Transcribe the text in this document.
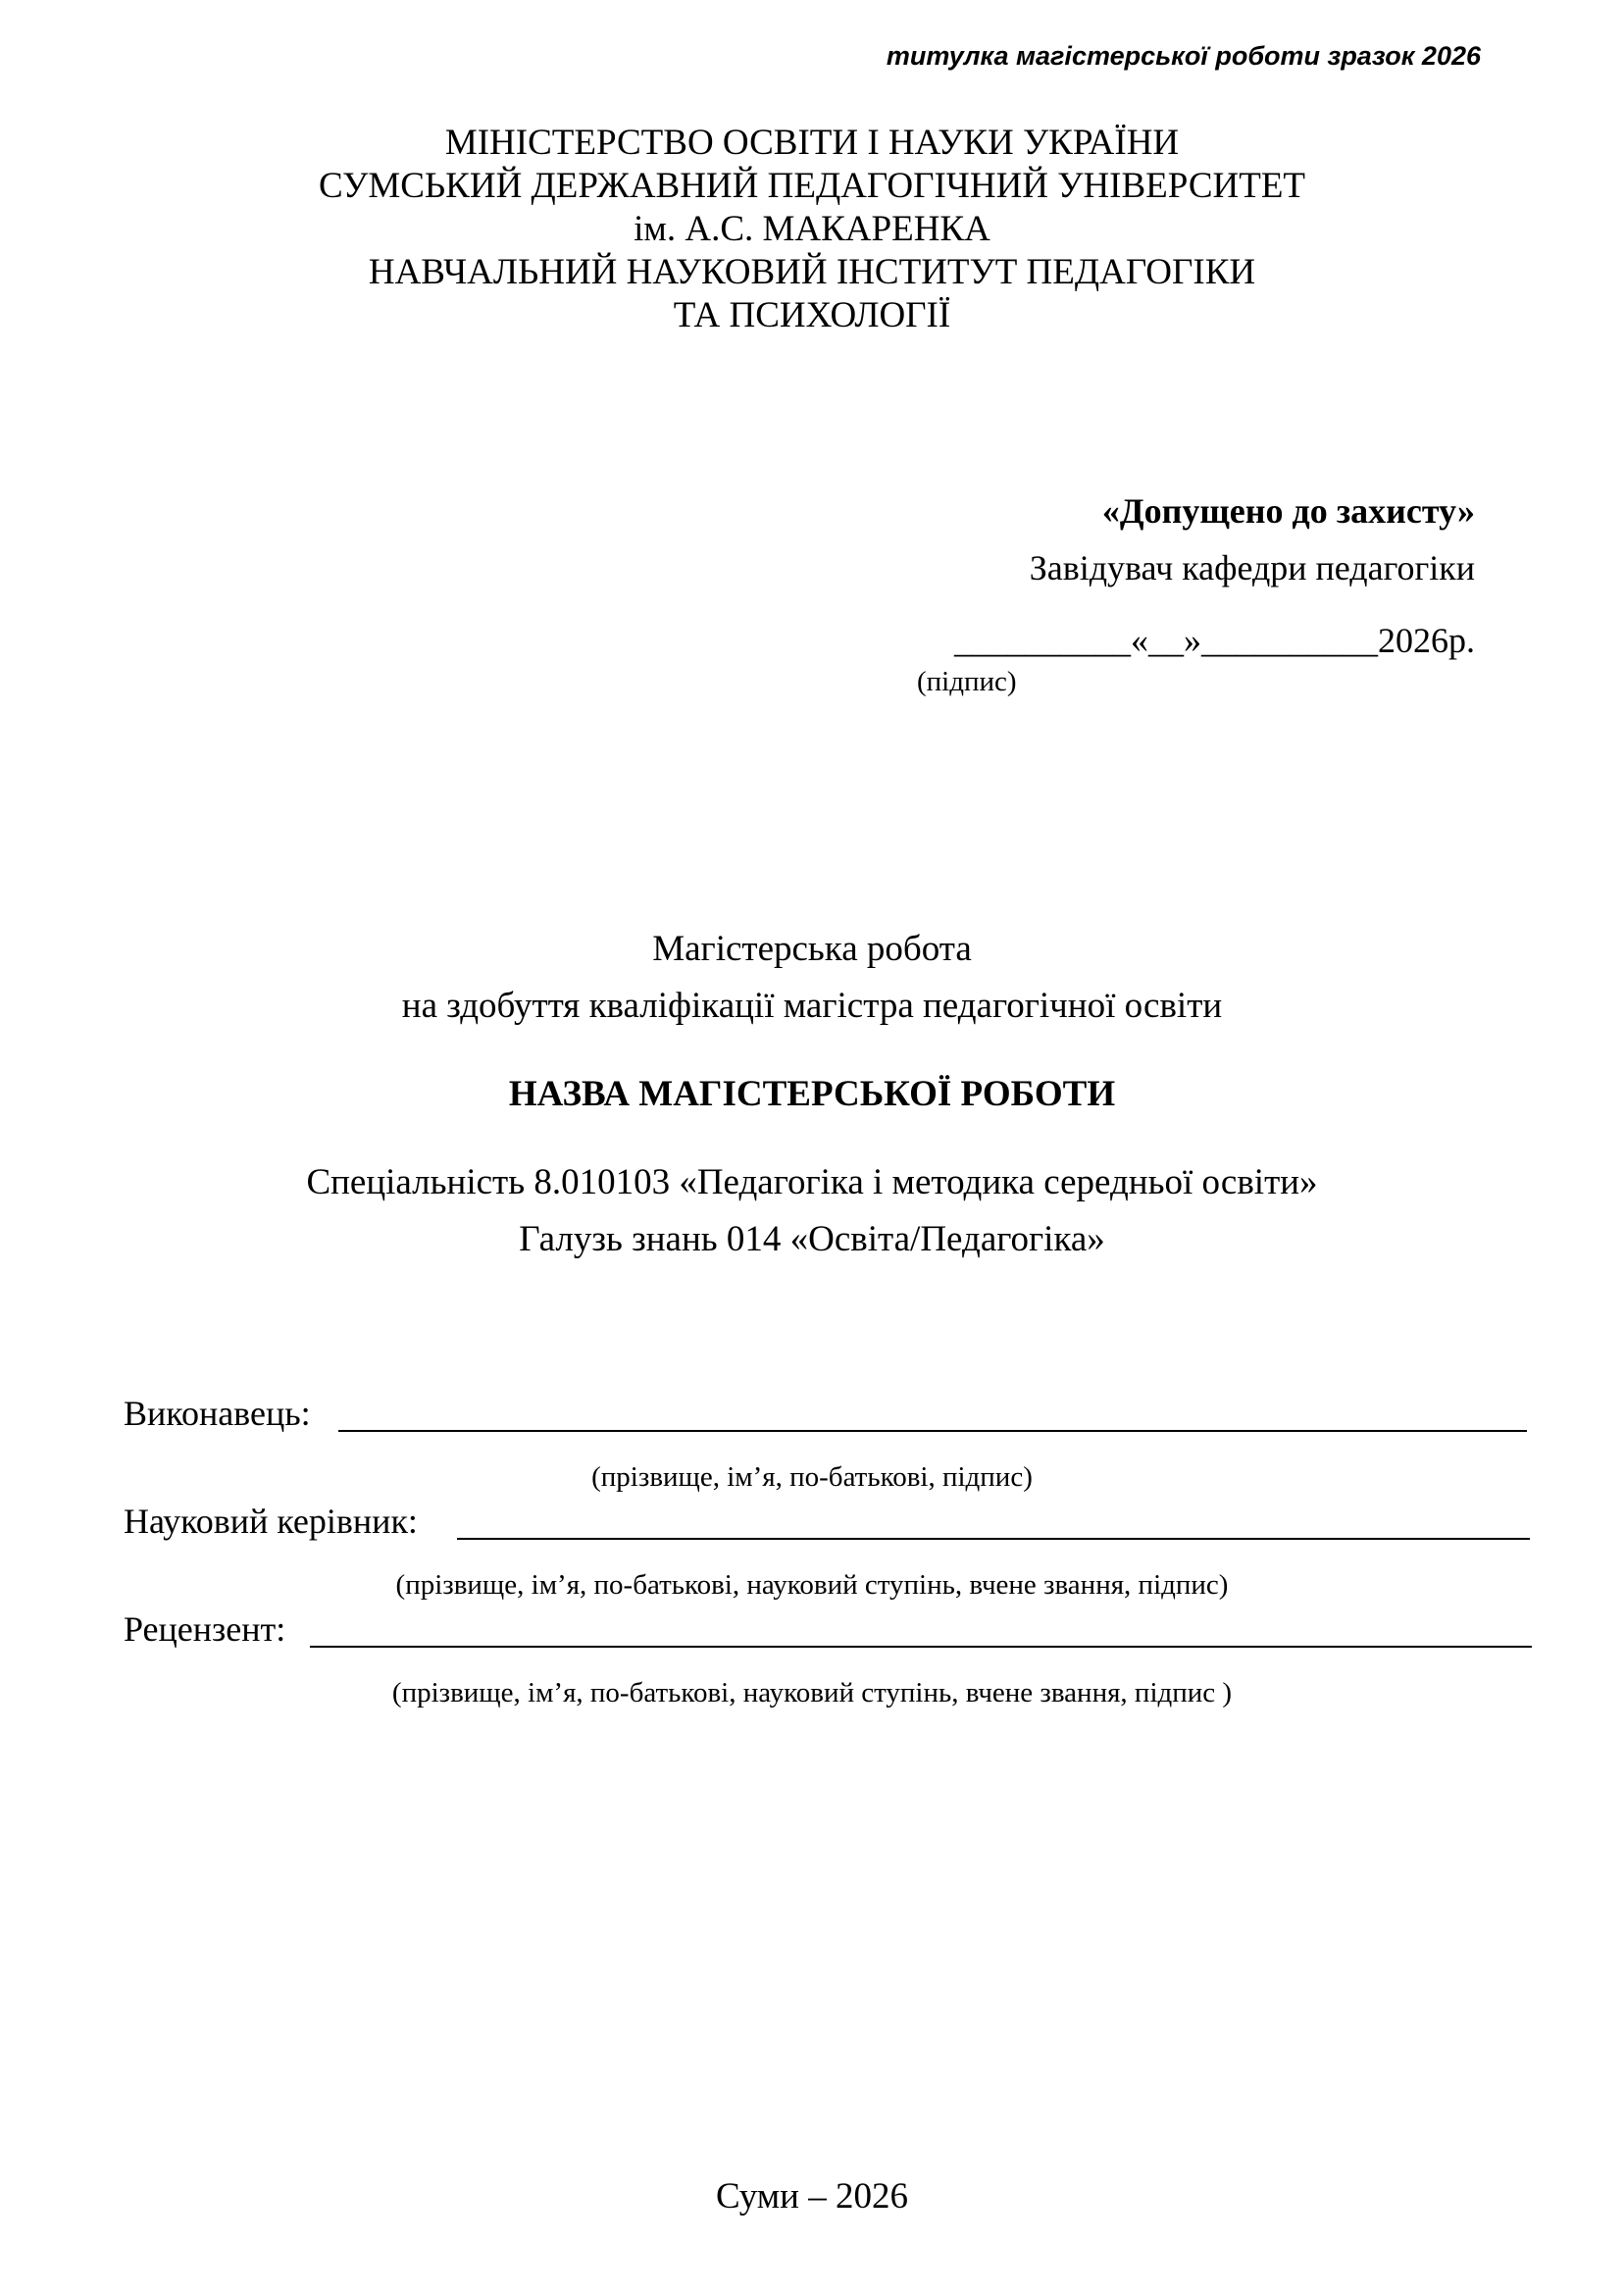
титулка магістерської роботи зразок 2026
МІНІСТЕРСТВО ОСВІТИ І НАУКИ УКРАЇНИ
СУМСЬКИЙ ДЕРЖАВНИЙ ПЕДАГОГІЧНИЙ УНІВЕРСИТЕТ
ім. А.С. МАКАРЕНКА
НАВЧАЛЬНИЙ НАУКОВИЙ ІНСТИТУТ ПЕДАГОГІКИ
ТА ПСИХОЛОГІЇ
«Допущено до захисту»
Завідувач кафедри педагогіки
__________«__»__________2026р.
(підпис)
Магістерська робота
на здобуття кваліфікації магістра педагогічної освіти
НАЗВА МАГІСТЕРСЬКОЇ РОБОТИ
Спеціальність 8.010103 «Педагогіка і методика середньої освіти»
Галузь знань 014 «Освіта/Педагогіка»
Виконавець:
(прізвище, ім’я, по-батькові, підпис)
Науковий керівник:
(прізвище, ім’я, по-батькові, науковий ступінь, вчене звання, підпис)
Рецензент:
(прізвище, ім’я, по-батькові, науковий ступінь, вчене звання, підпис )
Суми – 2026
